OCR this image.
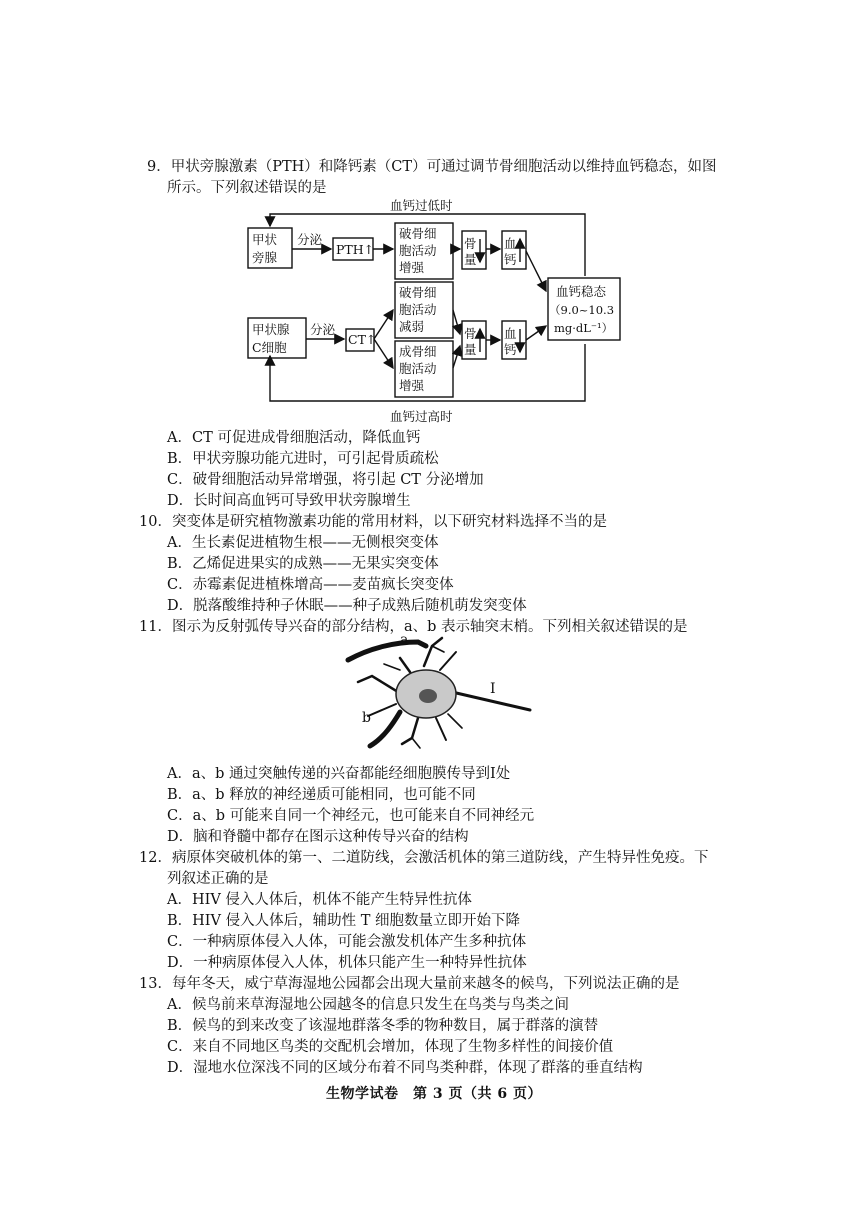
9．甲状旁腺激素（PTH）和降钙素（CT）可通过调节骨细胞活动以维持血钙稳态，如图
所示。下列叙述错误的是
血钙过低时
血钙过高时
甲状
旁腺
甲状腺
C细胞
分泌
分泌
PTH↑
CT↑
破骨细
胞活动
增强
破骨细
胞活动
减弱
成骨细
胞活动
增强
骨
量
血
钙
骨
量
血
钙
血钙稳态
（9.0~10.3
mg·dL⁻¹）
A．CT 可促进成骨细胞活动，降低血钙
B．甲状旁腺功能亢进时，可引起骨质疏松
C．破骨细胞活动异常增强，将引起 CT 分泌增加
D．长时间高血钙可导致甲状旁腺增生
10．突变体是研究植物激素功能的常用材料，以下研究材料选择不当的是
A．生长素促进植物生根——无侧根突变体
B．乙烯促进果实的成熟——无果实突变体
C．赤霉素促进植株增高——麦苗疯长突变体
D．脱落酸维持种子休眠——种子成熟后随机萌发突变体
11．图示为反射弧传导兴奋的部分结构，a、b 表示轴突末梢。下列相关叙述错误的是
a
b
I
A．a、b 通过突触传递的兴奋都能经细胞膜传导到I处
B．a、b 释放的神经递质可能相同，也可能不同
C．a、b 可能来自同一个神经元，也可能来自不同神经元
D．脑和脊髓中都存在图示这种传导兴奋的结构
12．病原体突破机体的第一、二道防线，会激活机体的第三道防线，产生特异性免疫。下
列叙述正确的是
A．HIV 侵入人体后，机体不能产生特异性抗体
B．HIV 侵入人体后，辅助性 T 细胞数量立即开始下降
C．一种病原体侵入人体，可能会激发机体产生多种抗体
D．一种病原体侵入人体，机体只能产生一种特异性抗体
13．每年冬天，威宁草海湿地公园都会出现大量前来越冬的候鸟，下列说法正确的是
A．候鸟前来草海湿地公园越冬的信息只发生在鸟类与鸟类之间
B．候鸟的到来改变了该湿地群落冬季的物种数目，属于群落的演替
C．来自不同地区鸟类的交配机会增加，体现了生物多样性的间接价值
D．湿地水位深浅不同的区域分布着不同鸟类种群，体现了群落的垂直结构
生物学试卷　第 3 页（共 6 页）
